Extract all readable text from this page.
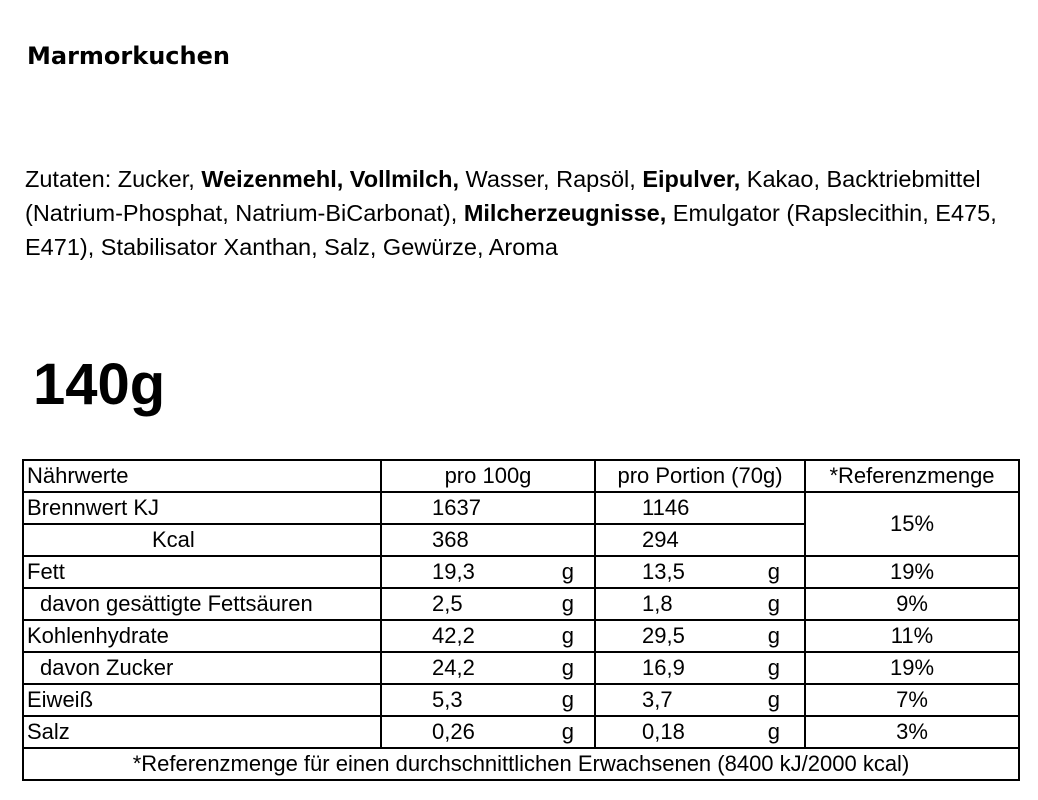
Marmorkuchen
Zutaten: Zucker, Weizenmehl, Vollmilch, Wasser, Rapsöl, Eipulver, Kakao, Backtriebmittel (Natrium-Phosphat, Natrium-BiCarbonat), Milcherzeugnisse, Emulgator (Rapslecithin, E475, E471), Stabilisator Xanthan, Salz, Gewürze, Aroma
140g
Nährwerte	pro 100g	pro Portion (70g)	*Referenzmenge
Brennwert KJ	1637	1146	15%
Kcal	368	294	

Fett	19,3 g	13,5 g	19%
davon gesättigte Fettsäuren	2,5 g	1,8 g	9%
Kohlenhydrate	42,2 g	29,5 g	11%
davon Zucker	24,2 g	16,9 g	19%
Eiweiß	5,3 g	3,7 g	7%
Salz	0,26 g	0,18 g	3%
*Referenzmenge für einen durchschnittlichen Erwachsenen (8400 kJ/2000 kcal)			
